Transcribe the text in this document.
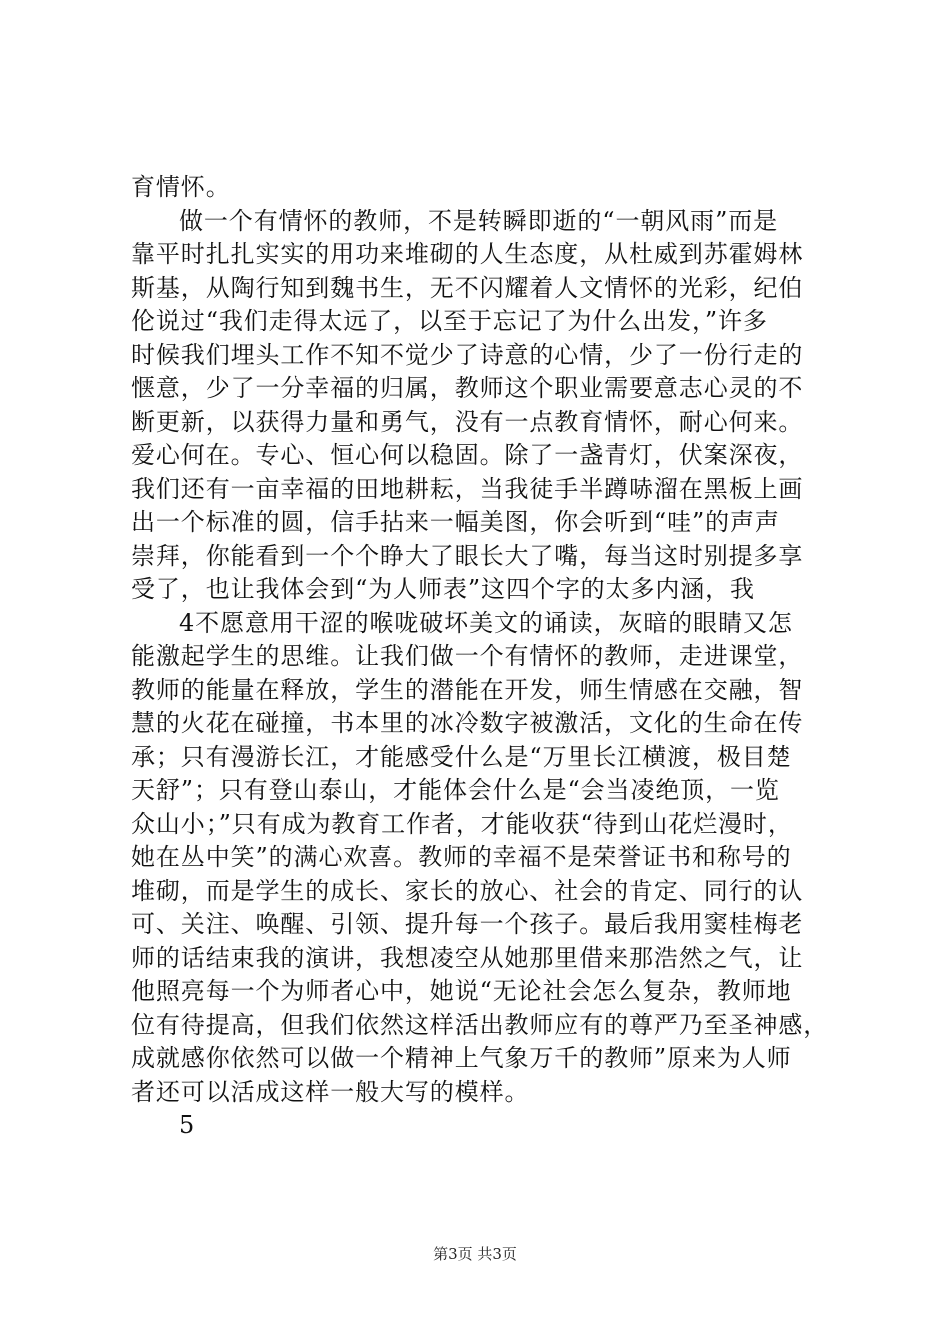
育情怀。
做一个有情怀的教师，不是转瞬即逝的“一朝风雨”而是
靠平时扎扎实实的用功来堆砌的人生态度，从杜威到苏霍姆林
斯基，从陶行知到魏书生，无不闪耀着人文情怀的光彩，纪伯
伦说过“我们走得太远了，以至于忘记了为什么出发，”许多
时候我们埋头工作不知不觉少了诗意的心情，少了一份行走的
惬意，少了一分幸福的归属，教师这个职业需要意志心灵的不
断更新，以获得力量和勇气，没有一点教育情怀，耐心何来。
爱心何在。专心、恒心何以稳固。除了一盏青灯，伏案深夜，
我们还有一亩幸福的田地耕耘，当我徒手半蹲哧溜在黑板上画
出一个标准的圆，信手拈来一幅美图，你会听到“哇”的声声
崇拜，你能看到一个个睁大了眼长大了嘴，每当这时别提多享
受了，也让我体会到“为人师表”这四个字的太多内涵，我
4不愿意用干涩的喉咙破坏美文的诵读，灰暗的眼睛又怎
能激起学生的思维。让我们做一个有情怀的教师，走进课堂，
教师的能量在释放，学生的潜能在开发，师生情感在交融，智
慧的火花在碰撞，书本里的冰冷数字被激活，文化的生命在传
承；只有漫游长江，才能感受什么是“万里长江横渡，极目楚
天舒”；只有登山泰山，才能体会什么是“会当凌绝顶，一览
众山小；”只有成为教育工作者，才能收获“待到山花烂漫时，
她在丛中笑”的满心欢喜。教师的幸福不是荣誉证书和称号的
堆砌，而是学生的成长、家长的放心、社会的肯定、同行的认
可、关注、唤醒、引领、提升每一个孩子。最后我用窦桂梅老
师的话结束我的演讲，我想凌空从她那里借来那浩然之气，让
他照亮每一个为师者心中，她说“无论社会怎么复杂，教师地
位有待提高，但我们依然这样活出教师应有的尊严乃至圣神感，
成就感你依然可以做一个精神上气象万千的教师”原来为人师
者还可以活成这样一般大写的模样。
5
第3页 共3页
